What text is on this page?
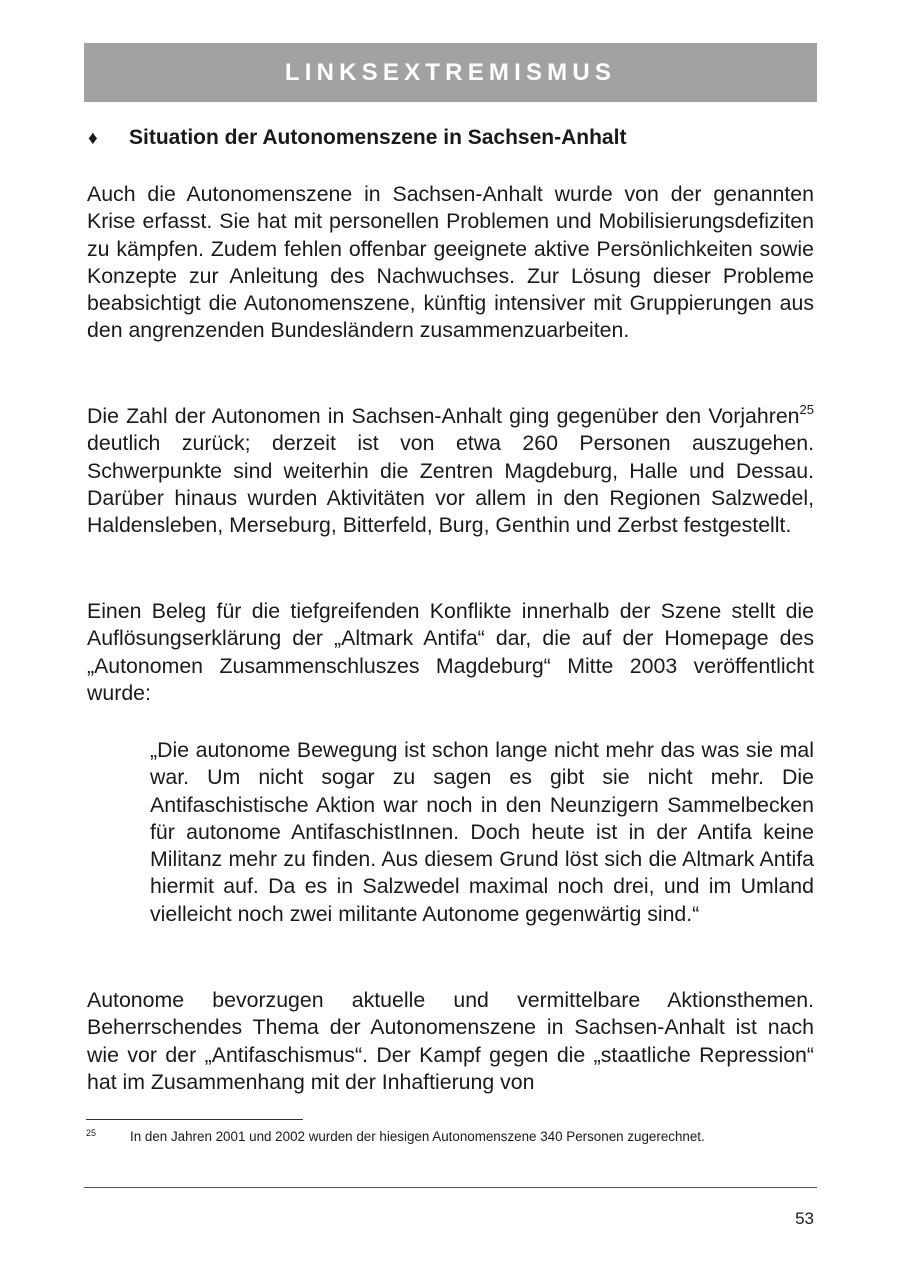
LINKSEXTREMISMUS
♦ Situation der Autonomenszene in Sachsen-Anhalt

Auch die Autonomenszene in Sachsen-Anhalt wurde von der genannten Krise erfasst. Sie hat mit personellen Problemen und Mobilisierungsdefiziten zu kämpfen. Zudem fehlen offenbar geeignete aktive Persönlichkeiten sowie Konzepte zur Anleitung des Nachwuchses. Zur Lösung dieser Probleme beabsichtigt die Autonomenszene, künftig intensiver mit Gruppierungen aus den angrenzenden Bundesländern zusammenzuarbeiten.

Die Zahl der Autonomen in Sachsen-Anhalt ging gegenüber den Vorjahren$^{25}$ deutlich zurück; derzeit ist von etwa 260 Personen auszugehen. Schwerpunkte sind weiterhin die Zentren Magdeburg, Halle und Dessau. Darüber hinaus wurden Aktivitäten vor allem in den Regionen Salzwedel, Haldensleben, Merseburg, Bitterfeld, Burg, Genthin und Zerbst festgestellt.

Einen Beleg für die tiefgreifenden Konflikte innerhalb der Szene stellt die Auflösungserklärung der „Altmark Antifa“ dar, die auf der Homepage des „Autonomen Zusammenschluszes Magdeburg“ Mitte 2003 veröffentlicht wurde:

„Die autonome Bewegung ist schon lange nicht mehr das was sie mal war. Um nicht sogar zu sagen es gibt sie nicht mehr. Die Antifaschistische Aktion war noch in den Neunzigern Sammelbecken für autonome AntifaschistInnen. Doch heute ist in der Antifa keine Militanz mehr zu finden. Aus diesem Grund löst sich die Altmark Antifa hiermit auf. Da es in Salzwedel maximal noch drei, und im Umland vielleicht noch zwei militante Autonome gegenwärtig sind.“

Autonome bevorzugen aktuelle und vermittelbare Aktionsthemen. Beherrschendes Thema der Autonomenszene in Sachsen-Anhalt ist nach wie vor der „Antifaschismus“. Der Kampf gegen die „staatliche Repression“ hat im Zusammenhang mit der Inhaftierung von

25	In den Jahren 2001 und 2002 wurden der hiesigen Autonomenszene 340 Personen zugerechnet.
53
